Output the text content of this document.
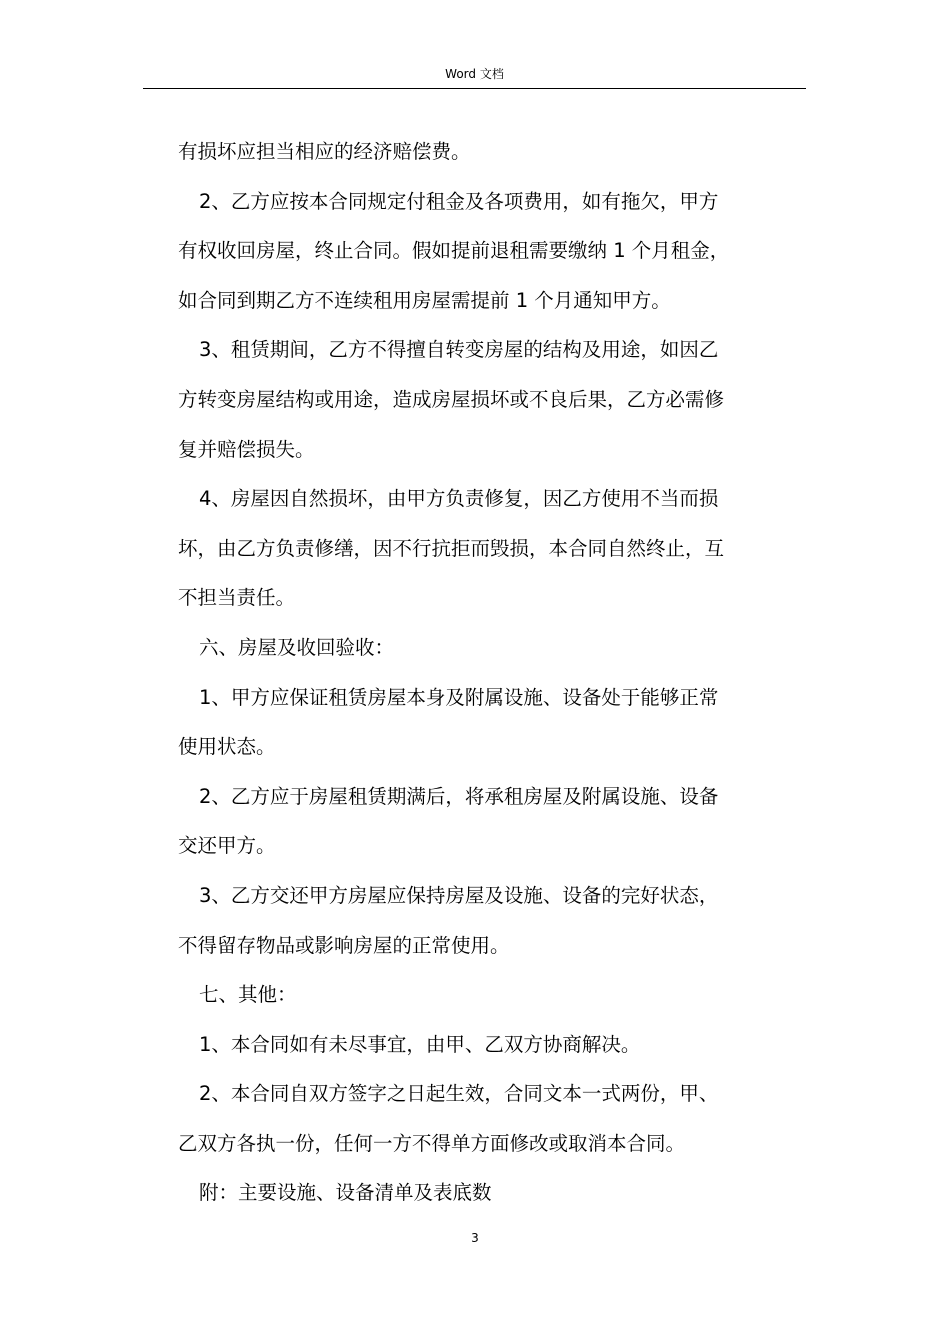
Word 文档
有损坏应担当相应的经济赔偿费。
2、乙方应按本合同规定付租金及各项费用，如有拖欠，甲方
有权收回房屋，终止合同。假如提前退租需要缴纳 1 个月租金，
如合同到期乙方不连续租用房屋需提前 1 个月通知甲方。
3、租赁期间，乙方不得擅自转变房屋的结构及用途，如因乙
方转变房屋结构或用途，造成房屋损坏或不良后果，乙方必需修
复并赔偿损失。
4、房屋因自然损坏，由甲方负责修复，因乙方使用不当而损
坏，由乙方负责修缮，因不行抗拒而毁损，本合同自然终止，互
不担当责任。
六、房屋及收回验收：
1、甲方应保证租赁房屋本身及附属设施、设备处于能够正常
使用状态。
2、乙方应于房屋租赁期满后，将承租房屋及附属设施、设备
交还甲方。
3、乙方交还甲方房屋应保持房屋及设施、设备的完好状态，
不得留存物品或影响房屋的正常使用。
七、其他：
1、本合同如有未尽事宜，由甲、乙双方协商解决。
2、本合同自双方签字之日起生效，合同文本一式两份，甲、
乙双方各执一份，任何一方不得单方面修改或取消本合同。
附：主要设施、设备清单及表底数
3
